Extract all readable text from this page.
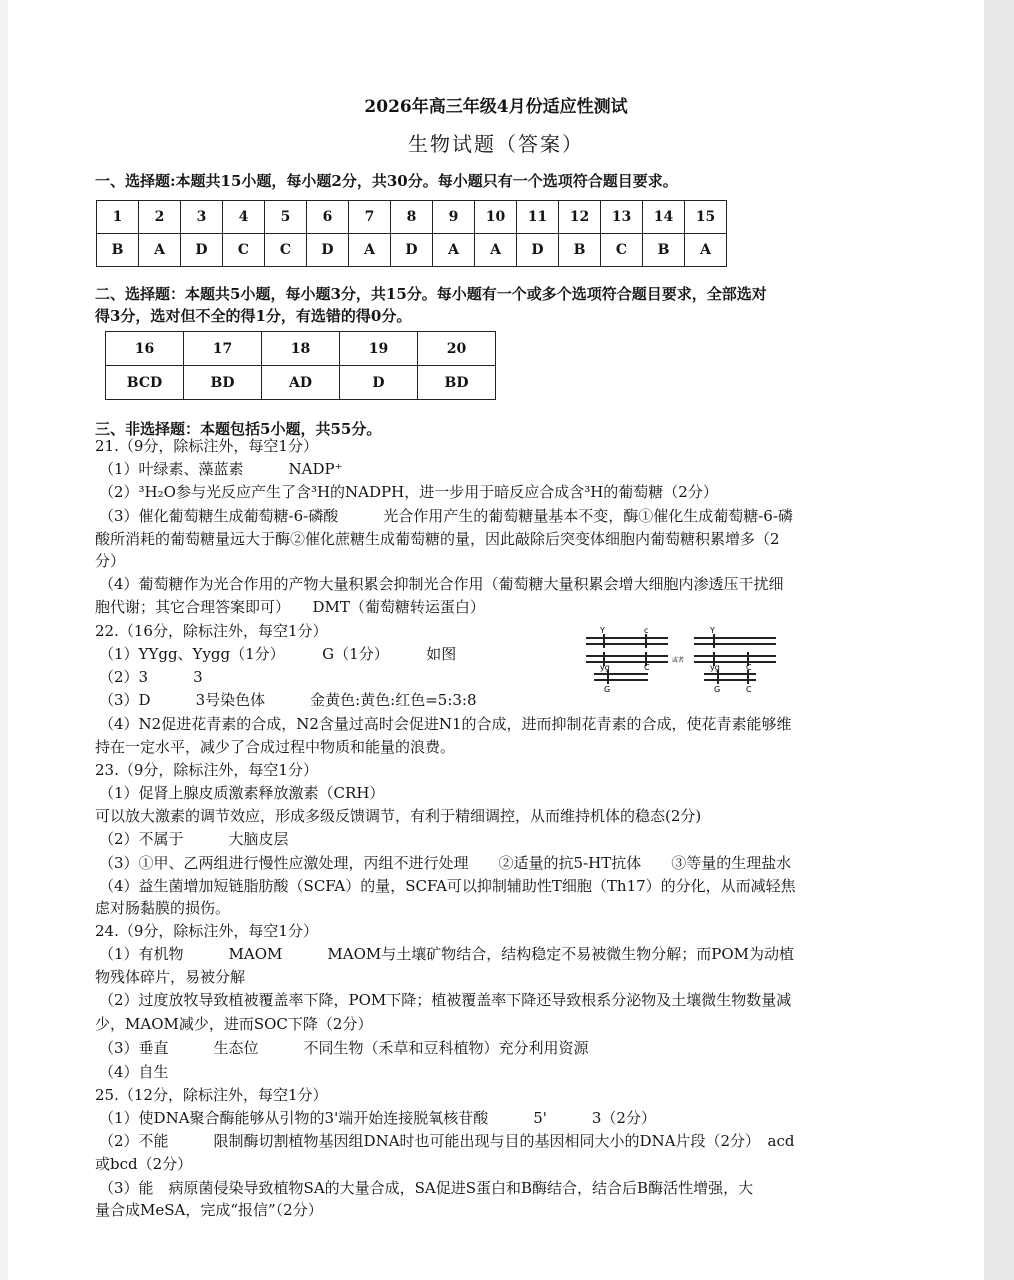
2026年高三年级4月份适应性测试
生物试题（答案）
一、选择题:本题共15小题，每小题2分，共30分。每小题只有一个选项符合题目要求。
1	2	3	4	5	6	7	8	9	10	11	12	13	14	15
B	A	D	C	C	D	A	D	A	A	D	B	C	B	A
二、选择题：本题共5小题，每小题3分，共15分。每小题有一个或多个选项符合题目要求，全部选对
得3分，选对但不全的得1分，有选错的得0分。
16	17	18	19	20
BCD	BD	AD	D	BD
三、非选择题：本题包括5小题，共55分。
21.（9分，除标注外，每空1分）
（1）叶绿素、藻蓝素　　　NADP⁺
（2）³H₂O参与光反应产生了含³H的NADPH，进一步用于暗反应合成含³H的葡萄糖（2分）
（3）催化葡萄糖生成葡萄糖-6-磷酸　　　光合作用产生的葡萄糖量基本不变，酶①催化生成葡萄糖-6-磷
酸所消耗的葡萄糖量远大于酶②催化蔗糖生成葡萄糖的量，因此敲除后突变体细胞内葡萄糖积累增多（2
分）
（4）葡萄糖作为光合作用的产物大量积累会抑制光合作用（葡萄糖大量积累会增大细胞内渗透压干扰细
胞代谢；其它合理答案即可）　　DMT（葡萄糖转运蛋白）
22.（16分，除标注外，每空1分）
（1）YYgg、Yygg（1分）　　　G（1分）　　　如图
（2）3　　　3
（3）D　　　3号染色体　　　金黄色:黄色:红色=5:3:8
（4）N2促进花青素的合成，N2含量过高时会促进N1的合成，进而抑制花青素的合成，使花青素能够维
持在一定水平，减少了合成过程中物质和能量的浪费。
23.（9分，除标注外，每空1分）
（1）促肾上腺皮质激素释放激素（CRH）
可以放大激素的调节效应，形成多级反馈调节，有利于精细调控，从而维持机体的稳态(2分)
（2）不属于　　　大脑皮层
（3）①甲、乙两组进行慢性应激处理，丙组不进行处理　　②适量的抗5-HT抗体　　③等量的生理盐水
（4）益生菌增加短链脂肪酸（SCFA）的量，SCFA可以抑制辅助性T细胞（Th17）的分化，从而减轻焦
虑对肠黏膜的损伤。
24.（9分，除标注外，每空1分）
（1）有机物　　　MAOM　　　MAOM与土壤矿物结合，结构稳定不易被微生物分解；而POM为动植
物残体碎片，易被分解
（2）过度放牧导致植被覆盖率下降，POM下降；植被覆盖率下降还导致根系分泌物及土壤微生物数量减
少，MAOM减少，进而SOC下降（2分）
（3）垂直　　　生态位　　　不同生物（禾草和豆科植物）充分利用资源
（4）自生
25.（12分，除标注外，每空1分）
（1）使DNA聚合酶能够从引物的3'端开始连接脱氧核苷酸　　　5'　　　3（2分）
（2）不能　　　限制酶切割植物基因组DNA时也可能出现与目的基因相同大小的DNA片段（2分）　acd
或bcd（2分）
（3）能　病原菌侵染导致植物SA的大量合成，SA促进S蛋白和B酶结合，结合后B酶活性增强，大
量合成MeSA，完成“报信”（2分）
Y	c
yg	C
G
或者
Y
yg	C
G	C
